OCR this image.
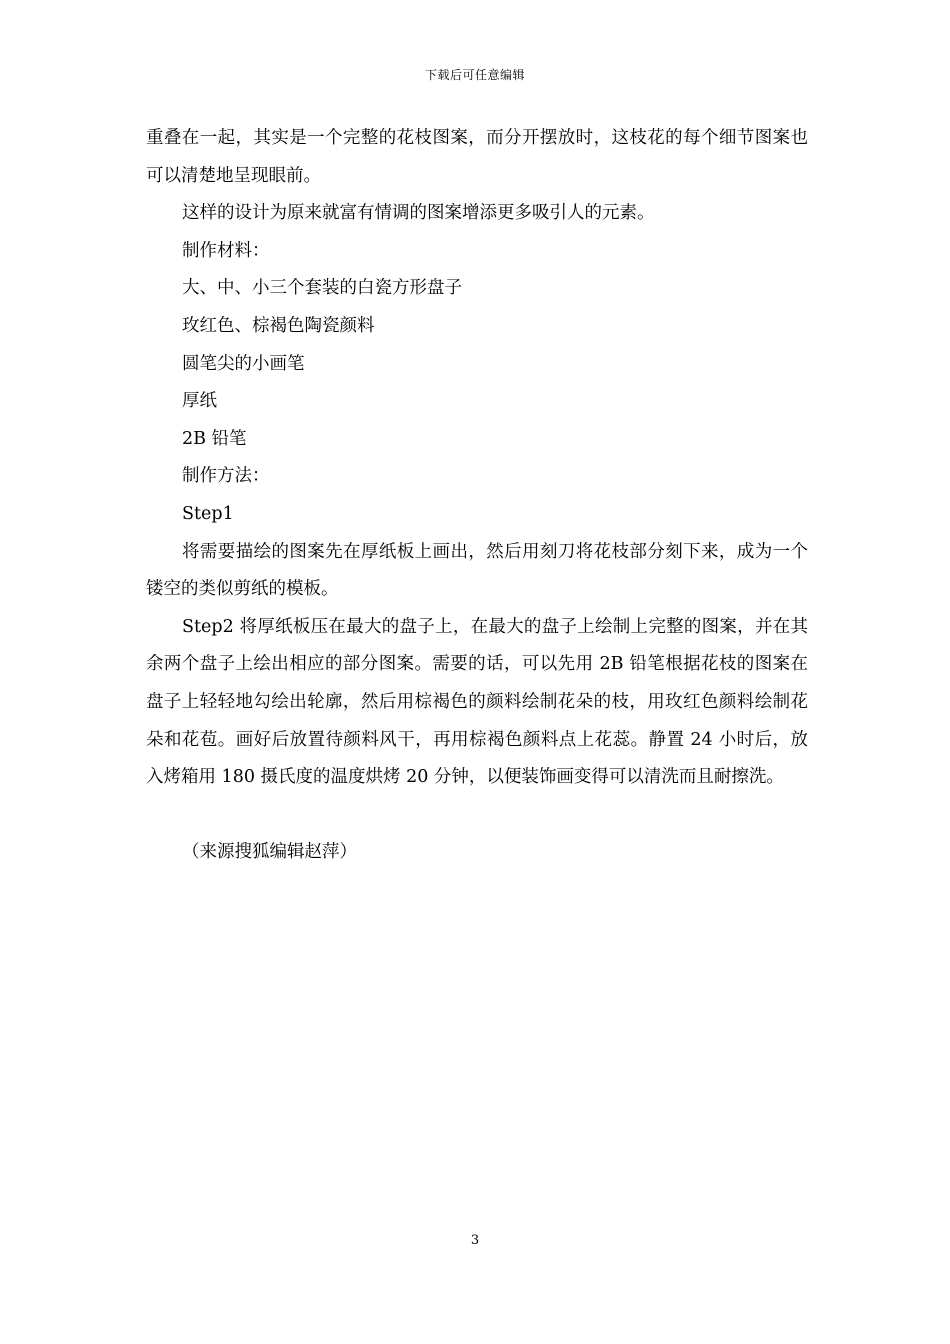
下载后可任意编辑

重叠在一起，其实是一个完整的花枝图案，而分开摆放时，这枝花的每个细节图案也可以清楚地呈现眼前。

这样的设计为原来就富有情调的图案增添更多吸引人的元素。

制作材料：

大、中、小三个套装的白瓷方形盘子

玫红色、棕褐色陶瓷颜料

圆笔尖的小画笔

厚纸

2B 铅笔

制作方法：

Step1

将需要描绘的图案先在厚纸板上画出，然后用刻刀将花枝部分刻下来，成为一个镂空的类似剪纸的模板。

Step2 将厚纸板压在最大的盘子上，在最大的盘子上绘制上完整的图案，并在其余两个盘子上绘出相应的部分图案。需要的话，可以先用 2B 铅笔根据花枝的图案在盘子上轻轻地勾绘出轮廓，然后用棕褐色的颜料绘制花朵的枝，用玫红色颜料绘制花朵和花苞。画好后放置待颜料风干，再用棕褐色颜料点上花蕊。静置 24 小时后，放入烤箱用 180 摄氏度的温度烘烤 20 分钟，以便装饰画变得可以清洗而且耐擦洗。

（来源搜狐编辑赵萍）

3
